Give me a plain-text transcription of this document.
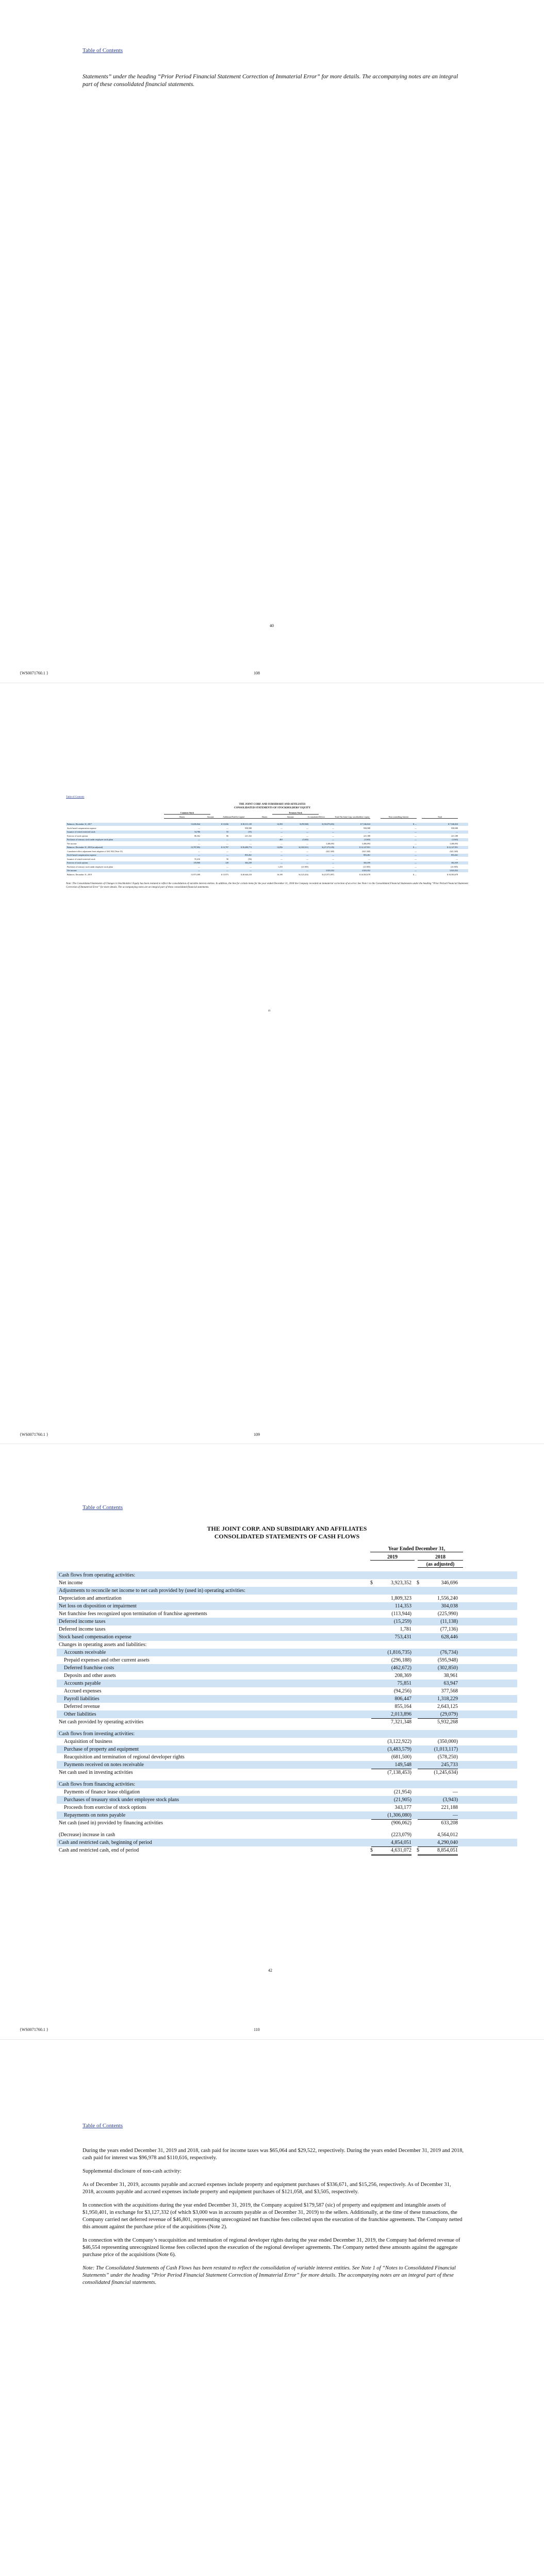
Table of Contents

Statements” under the heading “Prior Period Financial Statement Correction of Immaterial Error” for more details. The accompanying notes are an integral part of these consolidated financial statements.

40
{WS0071760.1 }	108
Table of Contents
THE JOINT CORP. AND SUBSIDIARY AND AFFILIATES
CONSOLIDATED STATEMENTS OF STOCKHOLDERS’ EQUITY
Common Stock	Treasury Stock
Shares	Amount	Additional Paid In Capital	Shares	Amount	Accumulated Deficit	Total The Joint Corp. stockholders’ equity	Non-controlling Interest	Total
Balances, December 31, 2017	13,656,844	$ 13,656	$ 38,311,139	14,393	$ (99,568)	$ (30,679,203)	$ 7,546,024	$ —	$ 7,546,024
Stock-based compensation expense	—	—	958,588	—	—	—	958,588	—	958,588
Issuance of vested restricted stock	54,786	55	(55)	—	—	—	—	—	—
Exercise of stock options	86,362	86	221,102	—	—	—	221,188	—	221,188
Purchases of treasury stock under employee stock plans	—	—	—	463	(3,943)	—	(3,943)	—	(3,943)
Net income	—	—	—	—	—	3,406,094	3,406,094	—	3,406,094
Balances, December 31, 2018 (as adjusted)	13,797,992	$ 13,797	$ 39,490,774	14,856	$ (103,511)	$ (27,273,109)	$ 12,127,951	$ —	$ 12,127,951
Cumulative-effect adjustment from adoption of ASC 842 (Note 13)	—	—	—	—	—	(621,340)	(621,340)	—	(621,340)
Stock-based compensation expense	—	—	853,261	—	—	—	853,261	—	853,261
Issuance of vested restricted stock	55,416	56	(56)	—	—	—	—	—	—
Exercise of stock options	119,900	120	302,239	—	—	—	302,359	—	302,359
Purchases of treasury stock under employee stock plans	—	—	—	1,253	(21,905)	—	(21,905)	—	(21,905)
Net income	—	—	—	—	—	3,923,352	3,923,352	—	3,923,352
Balances, December 31, 2019	13,973,308	$ 13,973	$ 40,646,218	16,109	$ (125,416)	$ (23,971,097)	$ 16,563,678	$ —	$ 16,563,678

Note: The Consolidated Statements of Changes in Stockholders’ Equity has been restated to reflect the consolidation of variable interest entities. In addition, the line for certain items for the year ended December 31, 2018 the Company recorded an immaterial correction of an error. See Note 1 to the Consolidated Financial Statements under the heading “Prior Period Financial Statement Correction of Immaterial Error” for more details. The accompanying notes are an integral part of these consolidated financial statements.

41
{WS0071760.1 }	109
Table of Contents
THE JOINT CORP. AND SUBSIDIARY AND AFFILIATES
CONSOLIDATED STATEMENTS OF CASH FLOWS
Year Ended December 31,
2019	2018
(as adjusted)
Cash flows from operating activities:
Net income	$	3,923,352 $	346,696
Adjustments to reconcile net income to net cash provided by (used in) operating activities:
Depreciation and amortization	1,809,323	1,556,240
Net loss on disposition or impairment	114,353	304,038
Net franchise fees recognized upon termination of franchise agreements	(113,944)	(225,990)
Deferred income taxes	(15,259)	(11,138)
Deferred income taxes	1,781	(77,136)
Stock based compensation expense	753,431	628,446
Changes in operating assets and liabilities:
Accounts receivable	(1,816,735)	(76,734)
Prepaid expenses and other current assets	(296,188)	(595,948)
Deferred franchise costs	(462,672)	(302,850)
Deposits and other assets	208,369	38,961
Accounts payable	75,851	63,947
Accrued expenses	(94,256)	377,568
Payroll liabilities	806,447	1,318,229
Deferred revenue	855,164	2,643,125
Other liabilities	2,013,896	(29,079)
Net cash provided by operating activities	7,321,348	5,932,268
Cash flows from investing activities:
Acquisition of business	(3,122,922)	(350,000)
Purchase of property and equipment	(3,483,579)	(1,013,117)
Reacquisition and termination of regional developer rights	(681,500)	(578,250)
Payments received on notes receivable	149,548	245,733
Net cash used in investing activities	(7,138,453)	(1,245,634)
Cash flows from financing activities:
Payments of finance lease obligation	(21,954)	—
Purchases of treasury stock under employee stock plans	(21,905)	(3,943)
Proceeds from exercise of stock options	343,177	221,188
Repayments on notes payable	(1,306,080)	—
Net cash (used in) provided by financing activities	(906,062)	633,208
(Decrease) increase in cash	(223,079)	4,564,012
Cash and restricted cash, beginning of period	4,854,051	4,290,040
Cash and restricted cash, end of period	$	4,631,072 $	8,854,051
42
{WS0071760.1 }	110
Table of Contents

During the years ended December 31, 2019 and 2018, cash paid for income taxes was $65,064 and $29,522, respectively. During the years ended December 31, 2019 and 2018, cash paid for interest was $96,978 and $110,616, respectively.

Supplemental disclosure of non-cash activity:

As of December 31, 2019, accounts payable and accrued expenses include property and equipment purchases of $336,671, and $15,256, respectively. As of December 31, 2018, accounts payable and accrued expenses include property and equipment purchases of $121,058, and $3,505, respectively.

In connection with the acquisitions during the year ended December 31, 2019, the Company acquired $179,587 (sic) of property and equipment and intangible assets of $1,950,401, in exchange for $3,127,332 (of which $3,000 was in accounts payable as of December 31, 2019) to the sellers. Additionally, at the time of these transactions, the Company carried net deferred revenue of $46,801, representing unrecognized net franchise fees collected upon the execution of the franchise agreements. The Company netted this amount against the purchase price of the acquisitions (Note 2).

In connection with the Company’s reacquisition and termination of regional developer rights during the year ended December 31, 2019, the Company had deferred revenue of $46,554 representing unrecognized license fees collected upon the execution of the regional developer agreements. The Company netted these amounts against the aggregate purchase price of the acquisitions (Note 6).

Note: The Consolidated Statements of Cash Flows has been restated to reflect the consolidation of variable interest entities. See Note 1 of “Notes to Consolidated Financial Statements” under the heading “Prior Period Financial Statement Correction of Immaterial Error” for more details. The accompanying notes are an integral part of these consolidated financial statements.
